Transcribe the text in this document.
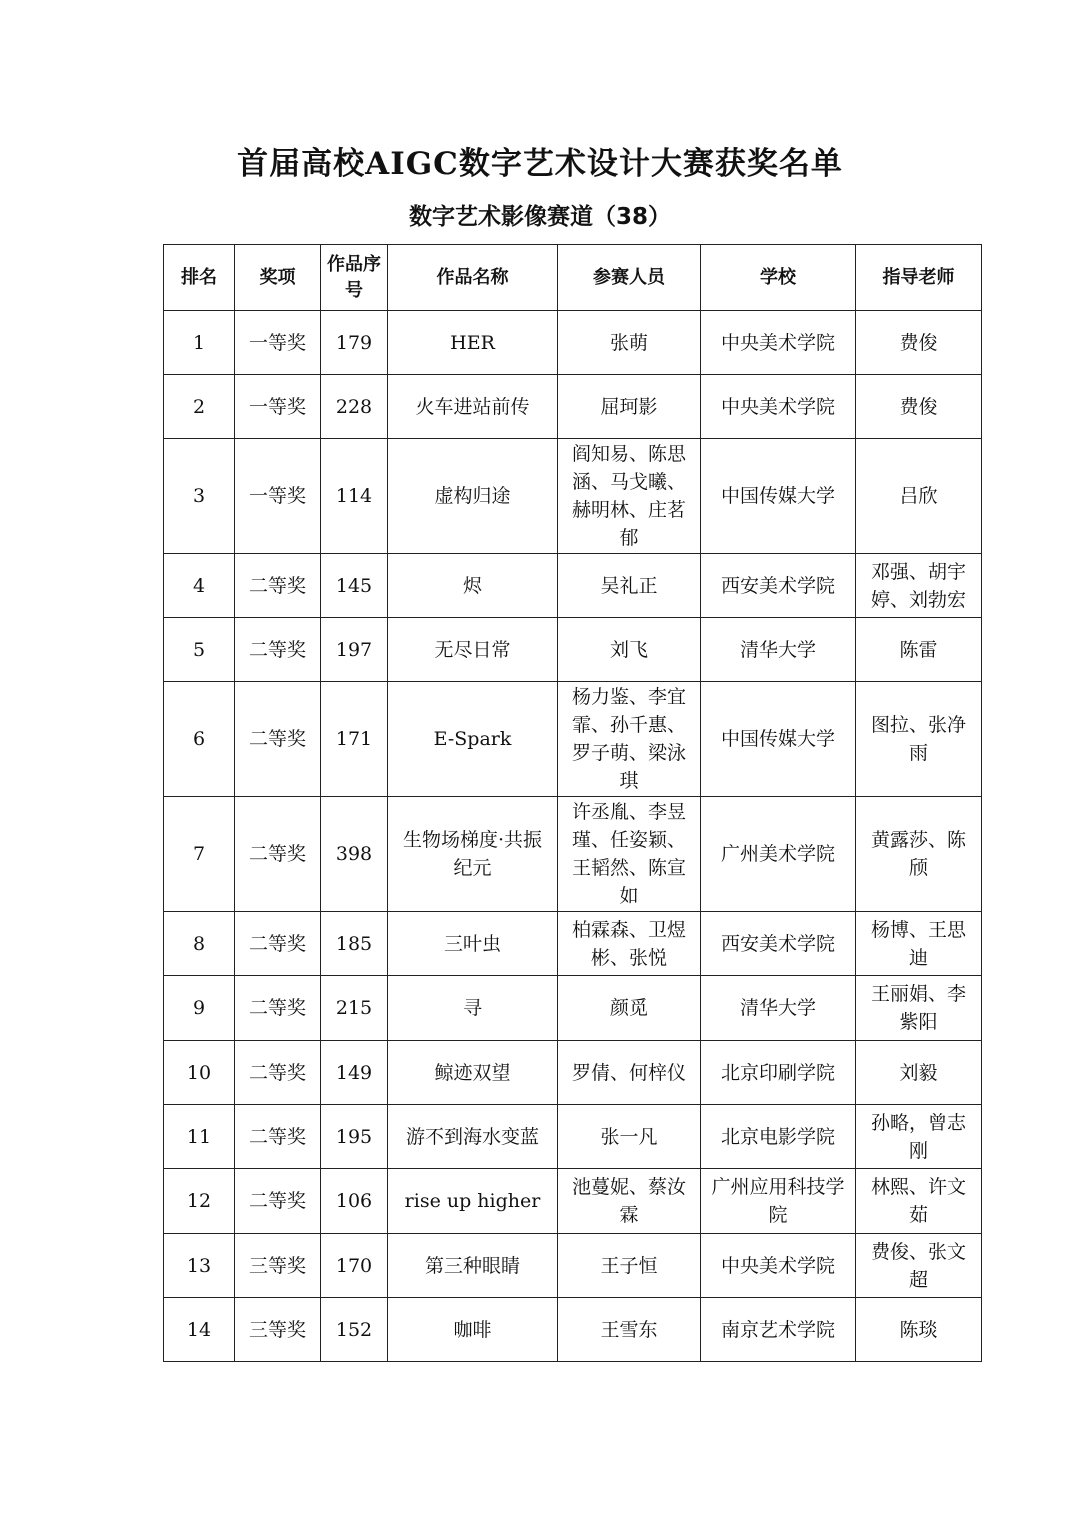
首届高校AIGC数字艺术设计大赛获奖名单
数字艺术影像赛道（38）
排名	奖项	作品序号	作品名称	参赛人员	学校	指导老师
1	一等奖	179	HER	张萌	中央美术学院	费俊
2	一等奖	228	火车进站前传	屈珂影	中央美术学院	费俊
3	一等奖	114	虚构归途	阎知易、陈思涵、马戈曦、赫明林、庄茗郁	中国传媒大学	吕欣
4	二等奖	145	烬	吴礼正	西安美术学院	邓强、胡宇婷、刘勃宏
5	二等奖	197	无尽日常	刘飞	清华大学	陈雷
6	二等奖	171	E-Spark	杨力鉴、李宜霏、孙千惠、罗子萌、梁泳琪	中国传媒大学	图拉、张净雨
7	二等奖	398	生物场梯度·共振纪元	许丞胤、李昱瑾、任姿颖、王韬然、陈宣如	广州美术学院	黄露莎、陈颀
8	二等奖	185	三叶虫	柏霖森、卫煜彬、张悦	西安美术学院	杨博、王思迪
9	二等奖	215	寻	颜觅	清华大学	王丽娟、李紫阳
10	二等奖	149	鲸迹双望	罗倩、何梓仪	北京印刷学院	刘毅
11	二等奖	195	游不到海水变蓝	张一凡	北京电影学院	孙略，曾志刚
12	二等奖	106	rise up higher	池蔓妮、蔡汝霖	广州应用科技学院	林熙、许文茹
13	三等奖	170	第三种眼睛	王子恒	中央美术学院	费俊、张文超
14	三等奖	152	咖啡	王雪东	南京艺术学院	陈琰
